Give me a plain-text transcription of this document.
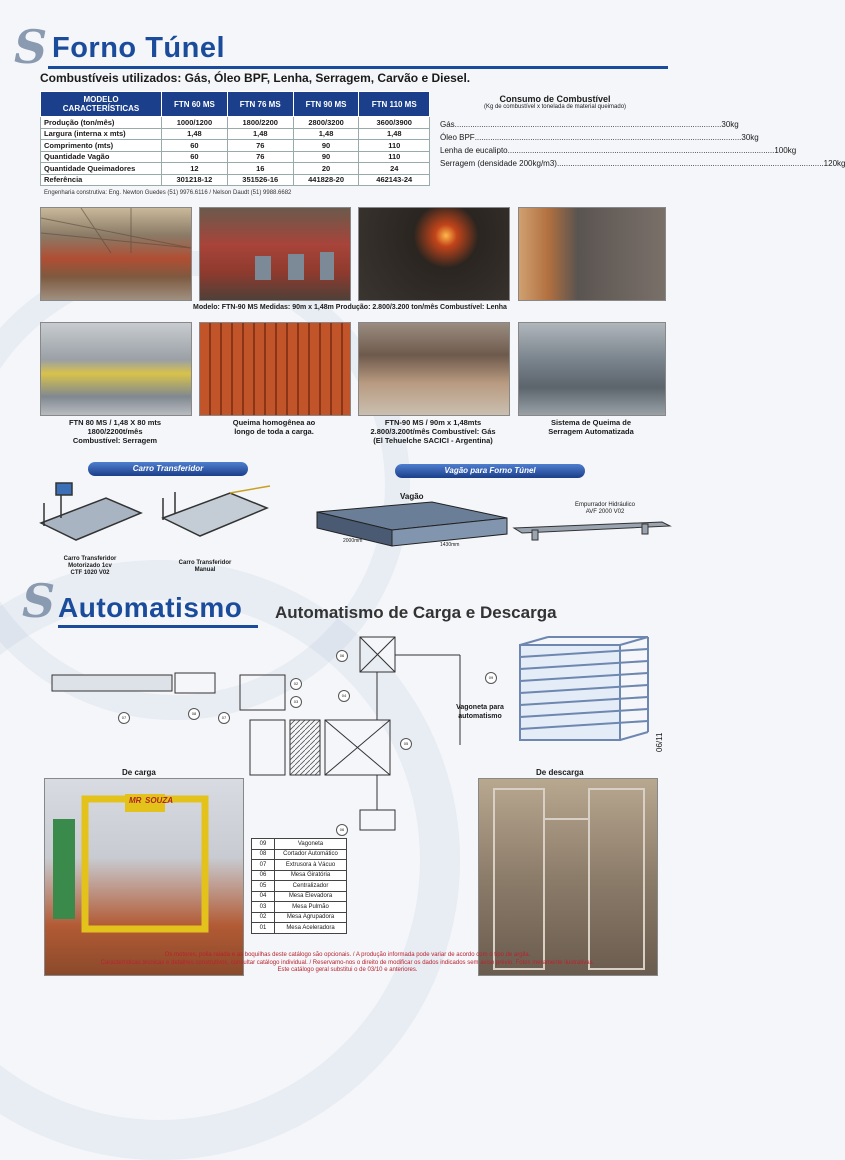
S Forno Túnel
Combustíveis utilizados: Gás, Óleo BPF, Lenha, Serragem, Carvão e Diesel.
MODELO
CARACTERÍSTICAS	FTN 60 MS	FTN 76 MS	FTN 90 MS	FTN 110 MS
Produção (ton/mês)	1000/1200	1800/2200	2800/3200	3600/3900
Largura (interna x mts)	1,48	1,48	1,48	1,48
Comprimento (mts)	60	76	90	110
Quantidade Vagão	60	76	90	110
Quantidade Queimadores	12	16	20	24
Referência	301218-12	351526-16	441828-20	462143-24
Engenharia construtiva: Eng. Newton Guedes (51) 9976.6116 / Nelson Daudt (51) 9988.6682
Consumo de Combustível
(Kg de combustível x tonelada de material queimado)
Gás ........................................................................................................................ 30kg
Óleo BPF ........................................................................................................................ 30kg
Lenha de eucalipto ........................................................................................................................ 100kg
Serragem (densidade 200kg/m3) ........................................................................................................................ 120kg
Modelo: FTN-90 MS Medidas: 90m x 1,48m Produção: 2.800/3.200 ton/mês Combustível: Lenha
FTN 80 MS / 1,48 X 80 mts
1800/2200t/mês
Combustível: Serragem
Queima homogênea ao
longo de toda a carga.
FTN-90 MS / 90m x 1,48mts
2.800/3.200t/mês Combustível: Gás
(El Tehuelche SACICI - Argentina)
Sistema de Queima de
Serragem Automatizada
Carro Transferidor	Vagão para Forno Túnel
Carro Transferidor
Motorizado 1cv
CTF 1020 V02
Carro Transferidor
Manual
Vagão
2000mm
1430mm
Empurrador Hidráulico
AVF 2000 V02
S Automatismo Automatismo de Carga e Descarga
08
07	07
02
03
04
05
06
06
09
Vagoneta para
automatismo
06/11
De carga	De descarga
MR SOUZA
09	Vagoneta
08	Cortador Automático
07	Extrusora à Vácuo
06	Mesa Giratória
05	Centralizador
04	Mesa Elevadora
03	Mesa Pulmão
02	Mesa Agrupadora
01	Mesa Aceleradora
Os motores, polia raiada e as boquilhas deste catálogo são opcionais. / A produção informada pode variar de acordo com o tipo de argila.
Características técnicas e detalhes construtivos, consultar catálogo individual. / Reservamo-nos o direito de modificar os dados indicados sem aviso prévio. Fotos meramente ilustrativas.
Este catálogo geral substitui o de 03/10 e anteriores.
